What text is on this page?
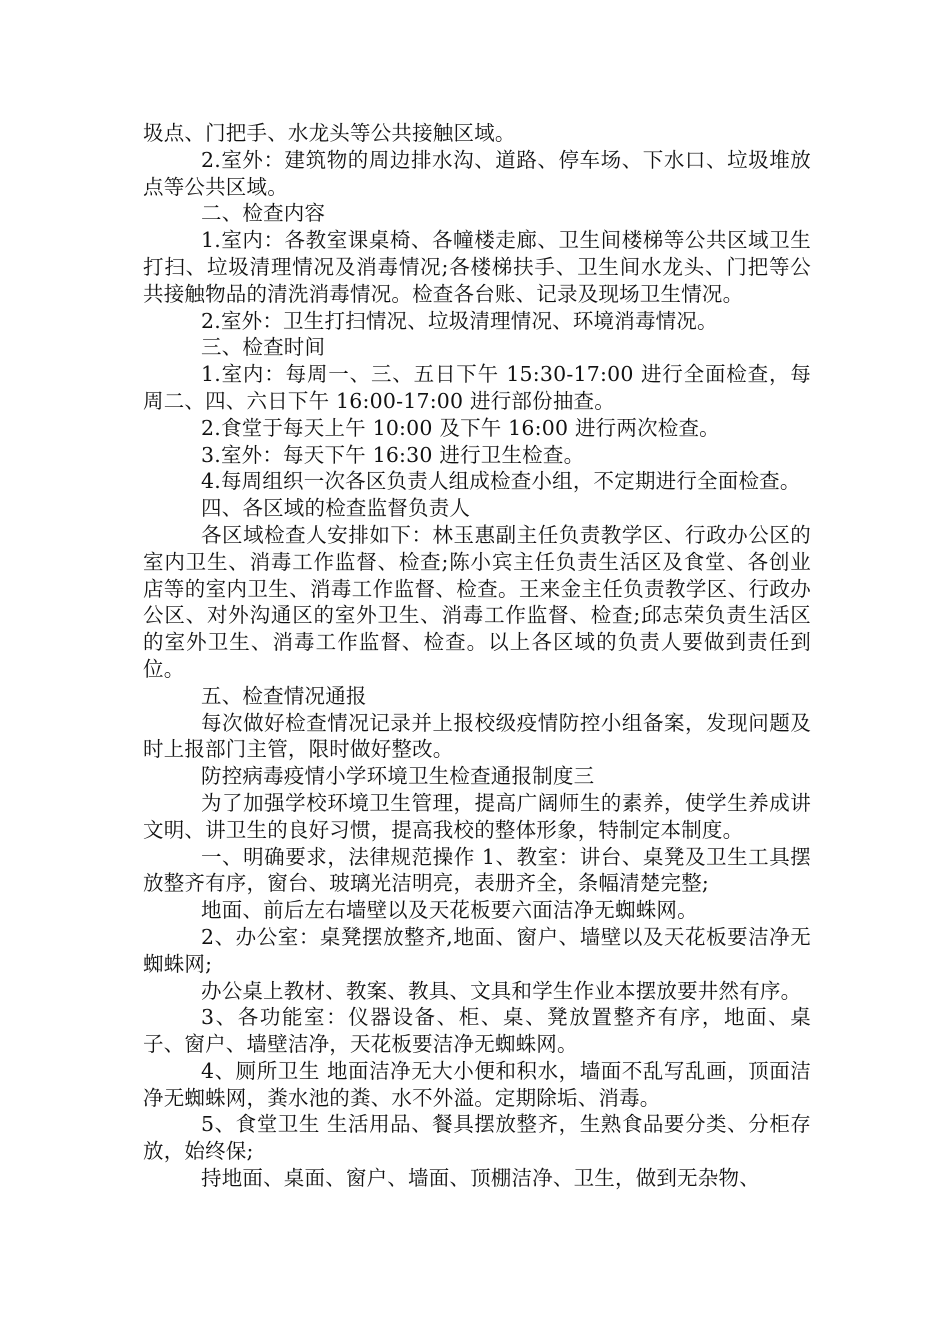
圾点、门把手、水龙头等公共接触区域。

2.室外：建筑物的周边排水沟、道路、停车场、下水口、垃圾堆放点等公共区域。

二、检查内容

1.室内：各教室课桌椅、各幢楼走廊、卫生间楼梯等公共区域卫生打扫、垃圾清理情况及消毒情况;各楼梯扶手、卫生间水龙头、门把等公共接触物品的清洗消毒情况。检查各台账、记录及现场卫生情况。

2.室外：卫生打扫情况、垃圾清理情况、环境消毒情况。

三、检查时间

1.室内：每周一、三、五日下午 15:30-17:00 进行全面检查，每周二、四、六日下午 16:00-17:00 进行部份抽查。

2.食堂于每天上午 10:00 及下午 16:00 进行两次检查。

3.室外：每天下午 16:30 进行卫生检查。

4.每周组织一次各区负责人组成检查小组，不定期进行全面检查。

四、各区域的检查监督负责人

各区域检查人安排如下：林玉惠副主任负责教学区、行政办公区的室内卫生、消毒工作监督、检查;陈小宾主任负责生活区及食堂、各创业店等的室内卫生、消毒工作监督、检查。王来金主任负责教学区、行政办公区、对外沟通区的室外卫生、消毒工作监督、检查;邱志荣负责生活区的室外卫生、消毒工作监督、检查。以上各区域的负责人要做到责任到位。

五、检查情况通报

每次做好检查情况记录并上报校级疫情防控小组备案，发现问题及时上报部门主管，限时做好整改。

防控病毒疫情小学环境卫生检查通报制度三

为了加强学校环境卫生管理，提高广阔师生的素养，使学生养成讲文明、讲卫生的良好习惯，提高我校的整体形象，特制定本制度。

一、明确要求，法律规范操作 1、教室：讲台、桌凳及卫生工具摆放整齐有序，窗台、玻璃光洁明亮，表册齐全，条幅清楚完整;

地面、前后左右墙壁以及天花板要六面洁净无蜘蛛网。

2、办公室：桌凳摆放整齐,地面、窗户、墙壁以及天花板要洁净无蜘蛛网;

办公桌上教材、教案、教具、文具和学生作业本摆放要井然有序。

3、各功能室：仪器设备、柜、桌、凳放置整齐有序，地面、桌子、窗户、墙壁洁净，天花板要洁净无蜘蛛网。

4、厕所卫生 地面洁净无大小便和积水，墙面不乱写乱画，顶面洁净无蜘蛛网，粪水池的粪、水不外溢。定期除垢、消毒。

5、食堂卫生 生活用品、餐具摆放整齐，生熟食品要分类、分柜存放，始终保;

持地面、桌面、窗户、墙面、顶棚洁净、卫生，做到无杂物、
